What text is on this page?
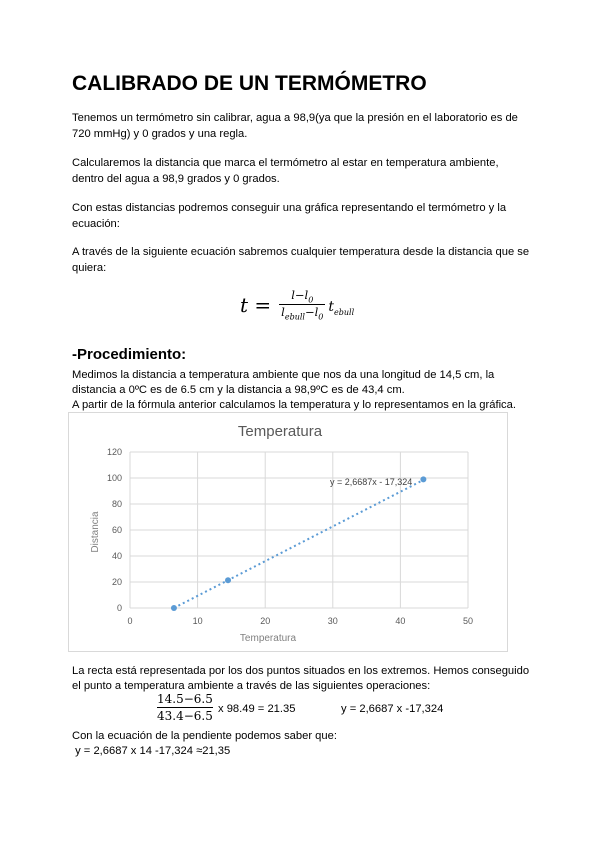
CALIBRADO DE UN TERMÓMETRO

Tenemos un termómetro sin calibrar, agua a 98,9(ya que la presión en el laboratorio es de 720 mmHg) y 0 grados y una regla.

Calcularemos la distancia que marca el termómetro al estar en temperatura ambiente, dentro del agua a 98,9 grados y 0 grados.

Con estas distancias podremos conseguir una gráfica representando el termómetro y la ecuación:

A través de la siguiente ecuación sabremos cualquier temperatura desde la distancia que se quiera:

$t = \frac{l-l_0}{l_{ebull}-l_0} t_{ebull}$
-Procedimiento:

Medimos la distancia a temperatura ambiente que nos da una longitud de 14,5 cm, la

distancia a 0ºC es de 6.5 cm y la distancia a 98,9ºC es de 43,4 cm.

A partir de la fórmula anterior calculamos la temperatura y lo representamos en la gráfica.

Temperatura
0	10	20	30	40	50
0
20
40
60
80
100
120
y = 2,6687x - 17,324
Temperatura
Distancia

La recta está representada por los dos puntos situados en los extremos. Hemos conseguido

el punto a temperatura ambiente a través de las siguientes operaciones:

14.5−6.5
43.4−6.5 x 98.49 = 21.35	y = 2,6687 x -17,324

Con la ecuación de la pendiente podemos saber que:

y = 2,6687 x 14 -17,324 ≈21,35
